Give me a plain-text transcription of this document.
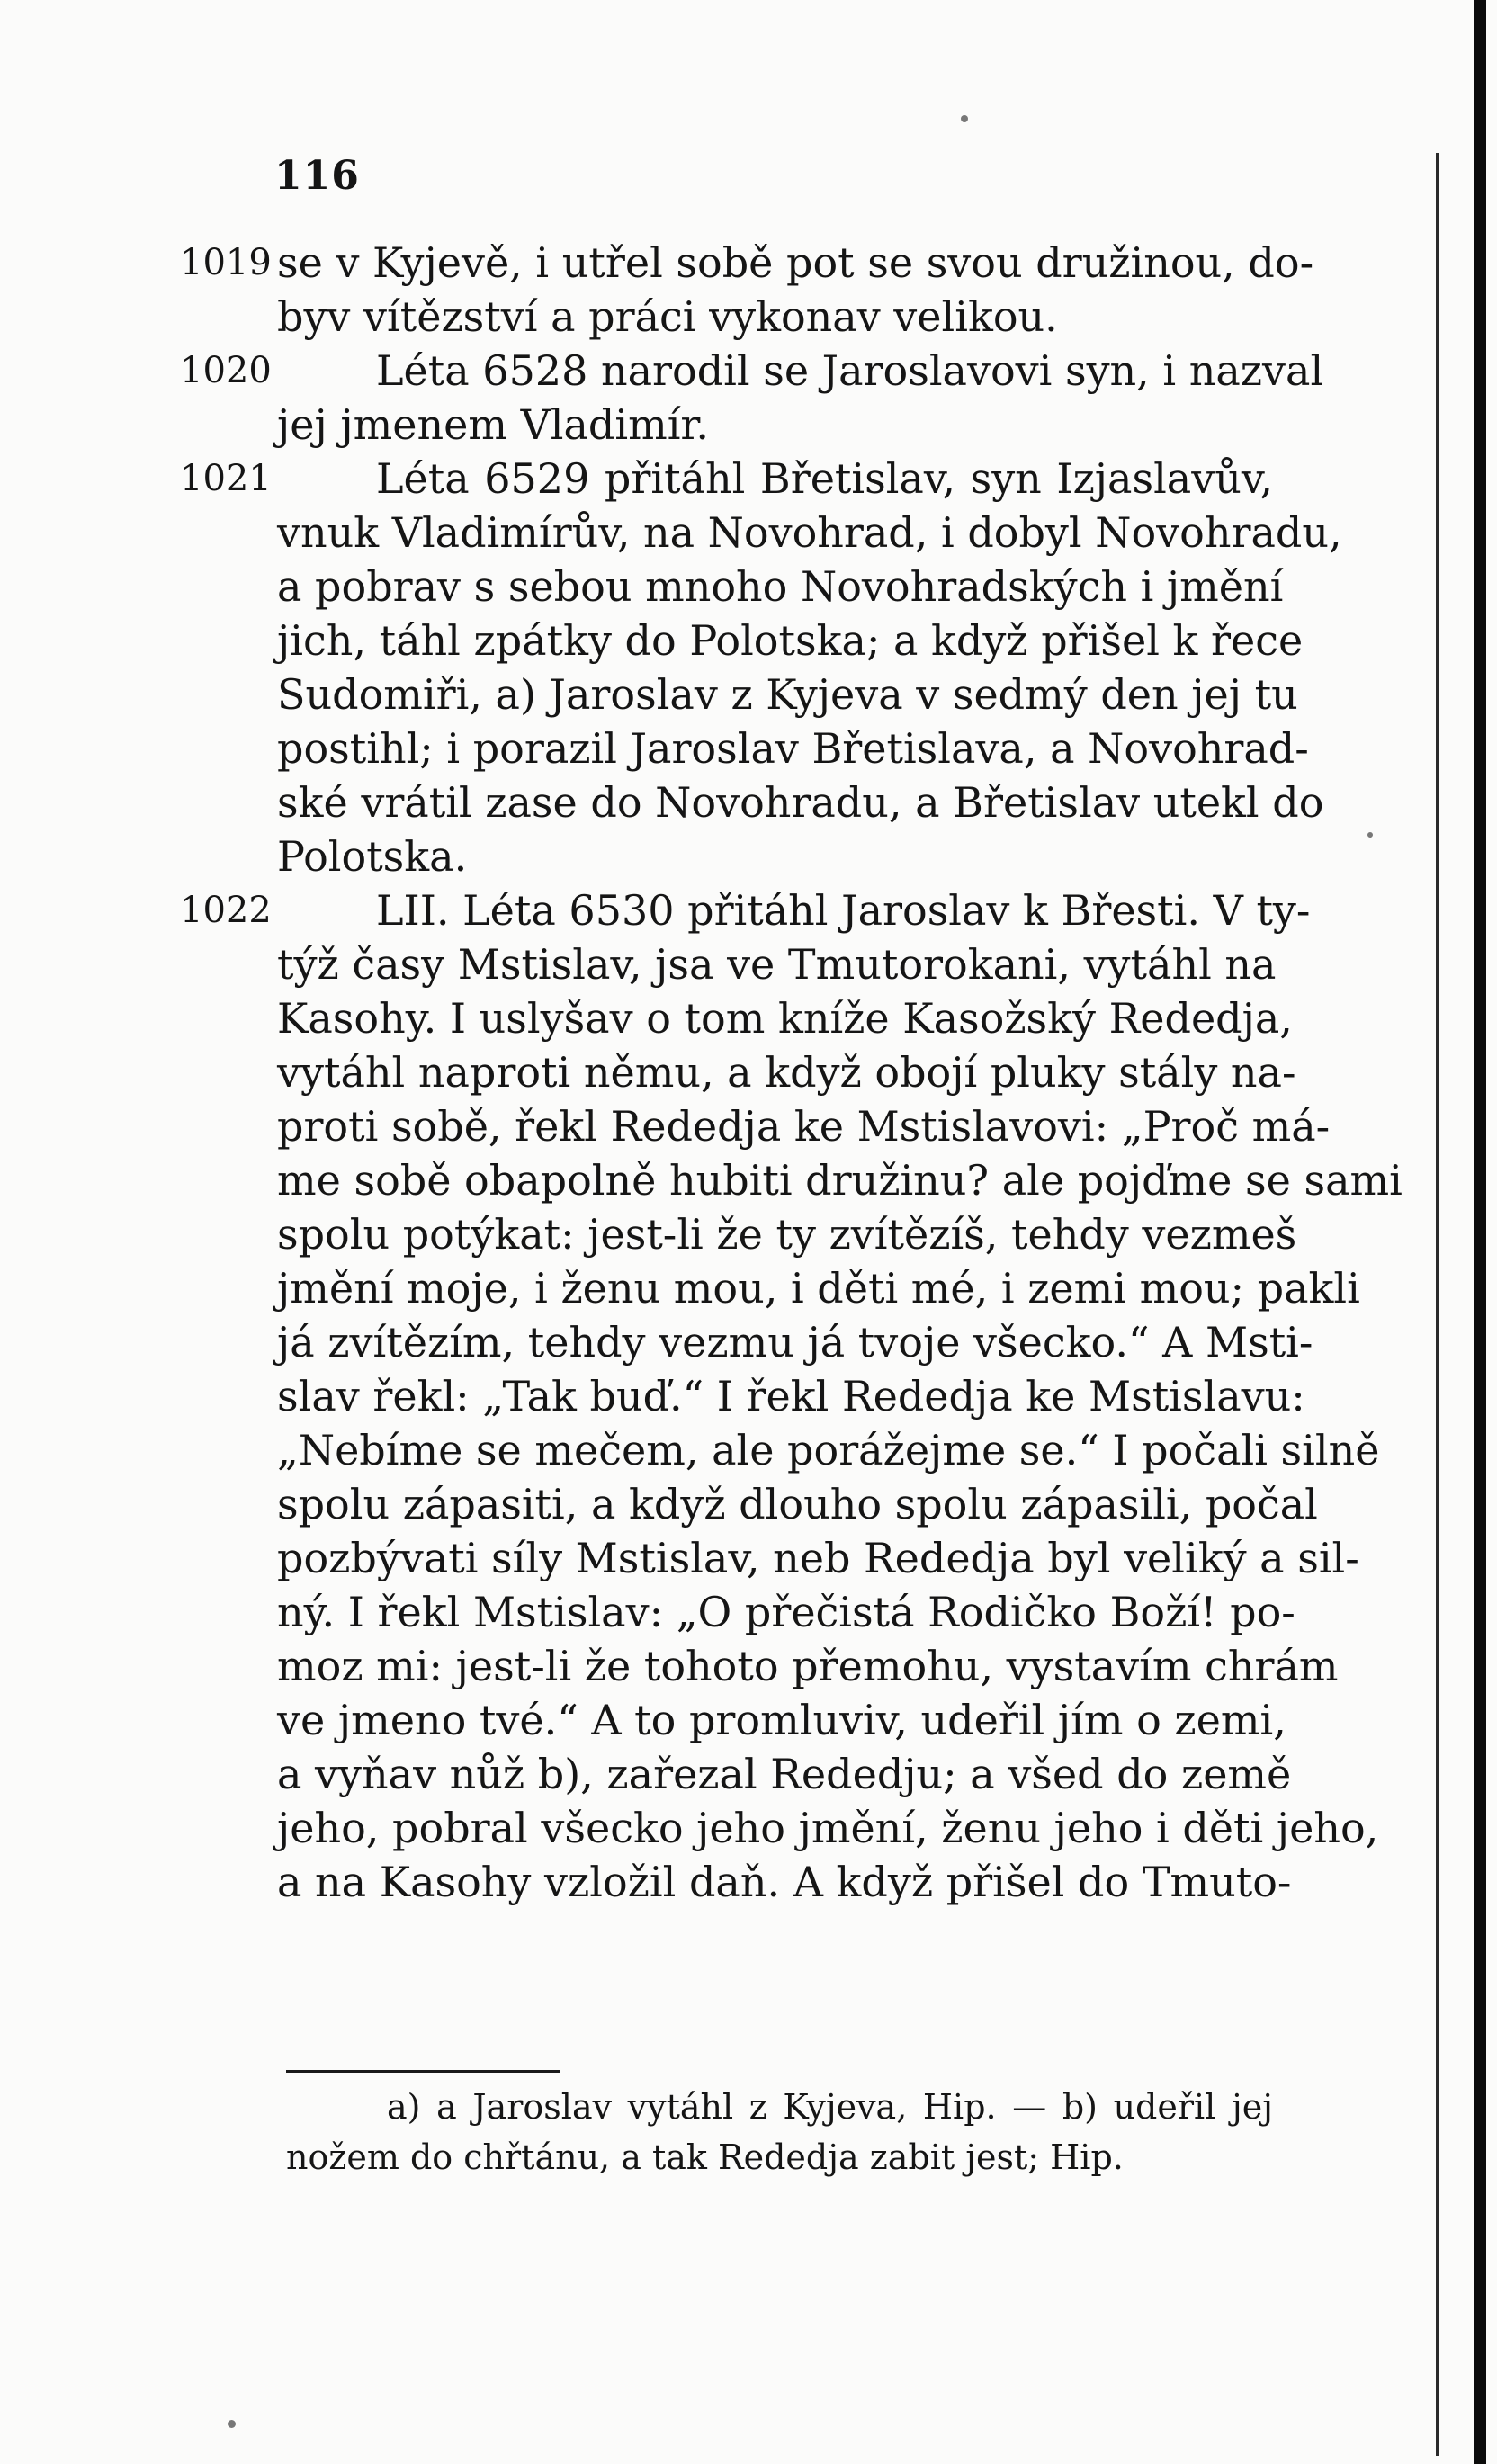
116
1019 se v Kyjevě, i utřel sobě pot se svou družinou, do-
byv vítězství a práci vykonav velikou.
1020	Léta 6528 narodil se Jaroslavovi syn, i nazval
jej jmenem Vladimír.
1021	Léta 6529 přitáhl Břetislav, syn Izjaslavův,
vnuk Vladimírův, na Novohrad, i dobyl Novohradu,
a pobrav s sebou mnoho Novohradských i jmění
jich, táhl zpátky do Polotska; a když přišel k řece
Sudomiři, a) Jaroslav z Kyjeva v sedmý den jej tu
postihl; i porazil Jaroslav Břetislava, a Novohrad-
ské vrátil zase do Novohradu, a Břetislav utekl do
Polotska.
1022	LII. Léta 6530 přitáhl Jaroslav k Břesti. V ty-
týž časy Mstislav, jsa ve Tmutorokani, vytáhl na
Kasohy. I uslyšav o tom kníže Kasožský Rededja,
vytáhl naproti němu, a když obojí pluky stály na-
proti sobě, řekl Rededja ke Mstislavovi: „Proč má-
me sobě obapolně hubiti družinu? ale pojďme se sami
spolu potýkat: jest-li že ty zvítězíš, tehdy vezmeš
jmění moje, i ženu mou, i děti mé, i zemi mou; pakli
já zvítězím, tehdy vezmu já tvoje všecko.“ A Msti-
slav řekl: „Tak buď.“ I řekl Rededja ke Mstislavu:
„Nebíme se mečem, ale porážejme se.“ I počali silně
spolu zápasiti, a když dlouho spolu zápasili, počal
pozbývati síly Mstislav, neb Rededja byl veliký a sil-
ný. I řekl Mstislav: „O přečistá Rodičko Boží! po-
moz mi: jest-li že tohoto přemohu, vystavím chrám
ve jmeno tvé.“ A to promluviv, udeřil jím o zemi,
a vyňav nůž b), zařezal Rededju; a všed do země
jeho, pobral všecko jeho jmění, ženu jeho i děti jeho,
a na Kasohy vzložil daň. A když přišel do Tmuto-
a) a Jaroslav vytáhl z Kyjeva, Hip. — b) udeřil jej
nožem do chřtánu, a tak Rededja zabit jest; Hip.
